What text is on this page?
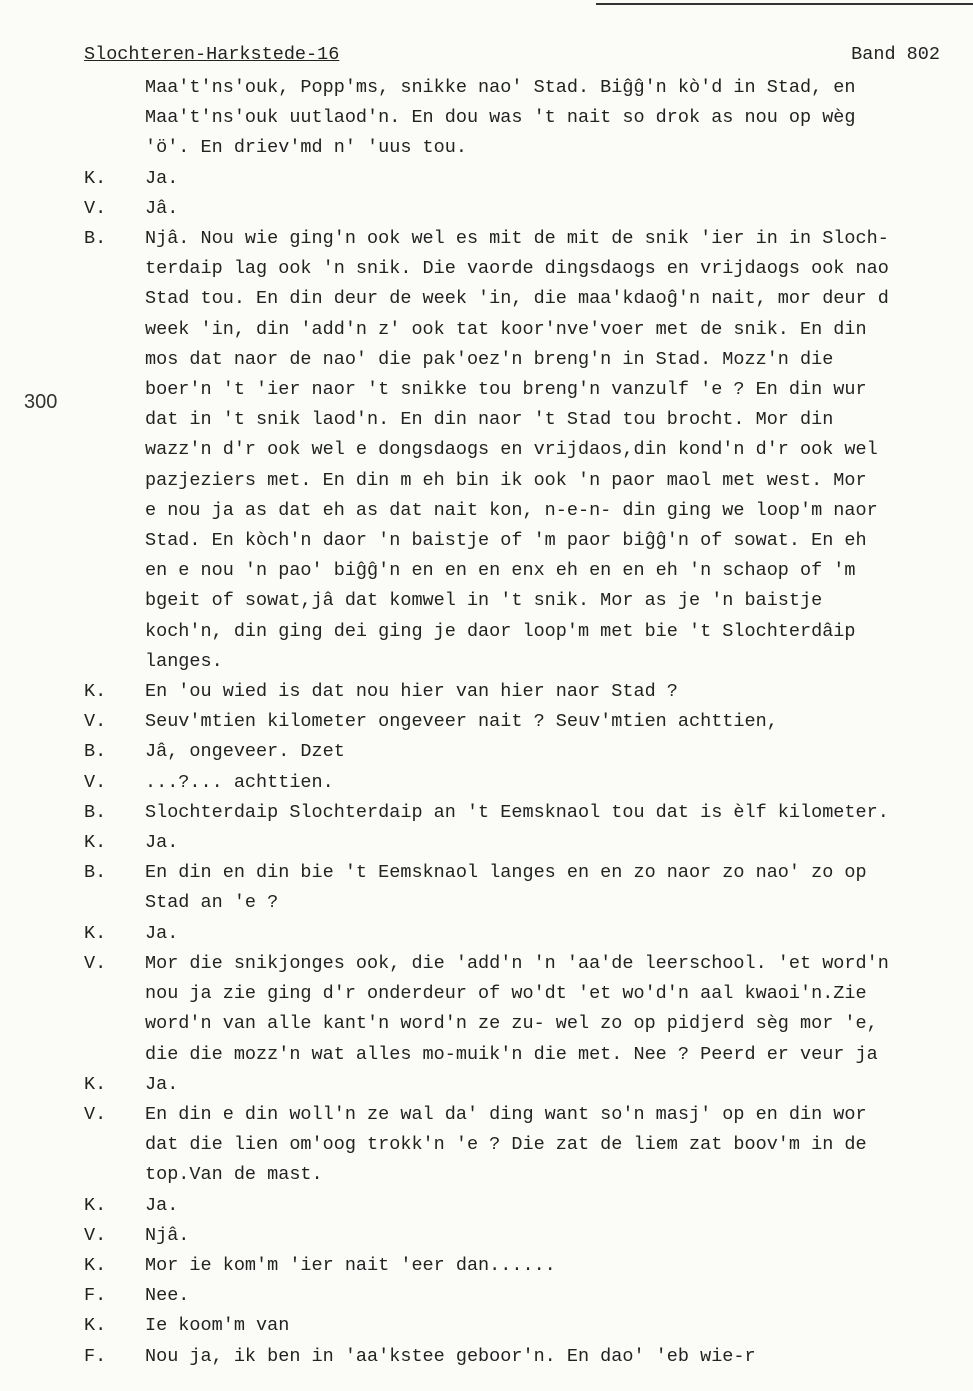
Slochteren-Harkstede-16	Band 802
300
Maa't'ns'ouk, Popp'ms, snikke nao' Stad. Biĝĝ'n kò'd in Stad, en
Maa't'ns'ouk uutlaod'n. En dou was 't nait so drok as nou op wèg
'ö'. En driev'md n' 'uus tou.
K.	Ja.
V.	Jâ.
B.	Njâ. Nou wie ging'n ook wel es mit de mit de snik 'ier in in Sloch-
terdaip lag ook 'n snik. Die vaorde dingsdaogs en vrijdaogs ook nao
Stad tou. En din deur de week 'in, die maa'kdaoĝ'n nait, mor deur d
week 'in, din 'add'n z' ook tat koor'nve'voer met de snik. En din
mos dat naor de nao' die pak'oez'n breng'n in Stad. Mozz'n die
boer'n 't 'ier naor 't snikke tou breng'n vanzulf 'e ? En din wur
dat in 't snik laod'n. En din naor 't Stad tou brocht. Mor din
wazz'n d'r ook wel e dongsdaogs en vrijdaos,din kond'n d'r ook wel
pazjeziers met. En din m eh bin ik ook 'n paor maol met west. Mor
e nou ja as dat eh as dat nait kon, n-e-n- din ging we loop'm naor
Stad. En kòch'n daor 'n baistje of 'm paor biĝĝ'n of sowat. En eh
en e nou 'n pao' biĝĝ'n en en en enx eh en en eh 'n schaop of 'm
bgeit of sowat,jâ dat komwel in 't snik. Mor as je 'n baistje
koch'n, din ging dei ging je daor loop'm met bie 't Slochterdâip
langes.
K.	En 'ou wied is dat nou hier van hier naor Stad ?
V.	Seuv'mtien kilometer ongeveer nait ? Seuv'mtien achttien,
B.	Jâ, ongeveer. Dzet
V.	...?... achttien.
B.	Slochterdaip Slochterdaip an 't Eemsknaol tou dat is èlf kilometer.
K.	Ja.
B.	En din en din bie 't Eemsknaol langes en en zo naor zo nao' zo op
Stad an 'e ?
K.	Ja.
V.	Mor die snikjonges ook, die 'add'n 'n 'aa'de leerschool. 'et word'n
nou ja zie ging d'r onderdeur of wo'dt 'et wo'd'n aal kwaoi'n.Zie
word'n van alle kant'n word'n ze zu- wel zo op pidjerd sèg mor 'e,
die die mozz'n wat alles mo-muik'n die met. Nee ? Peerd er veur ja
K.	Ja.
V.	En din e din woll'n ze wal da' ding want so'n masj' op en din wor
dat die lien om'oog trokk'n 'e ? Die zat de liem zat boov'm in de
top.Van de mast.
K.	Ja.
V.	Njâ.
K.	Mor ie kom'm 'ier nait 'eer dan......
F.	Nee.
K.	Ie koom'm van
F.	Nou ja, ik ben in 'aa'kstee geboor'n. En dao' 'eb wie-r
